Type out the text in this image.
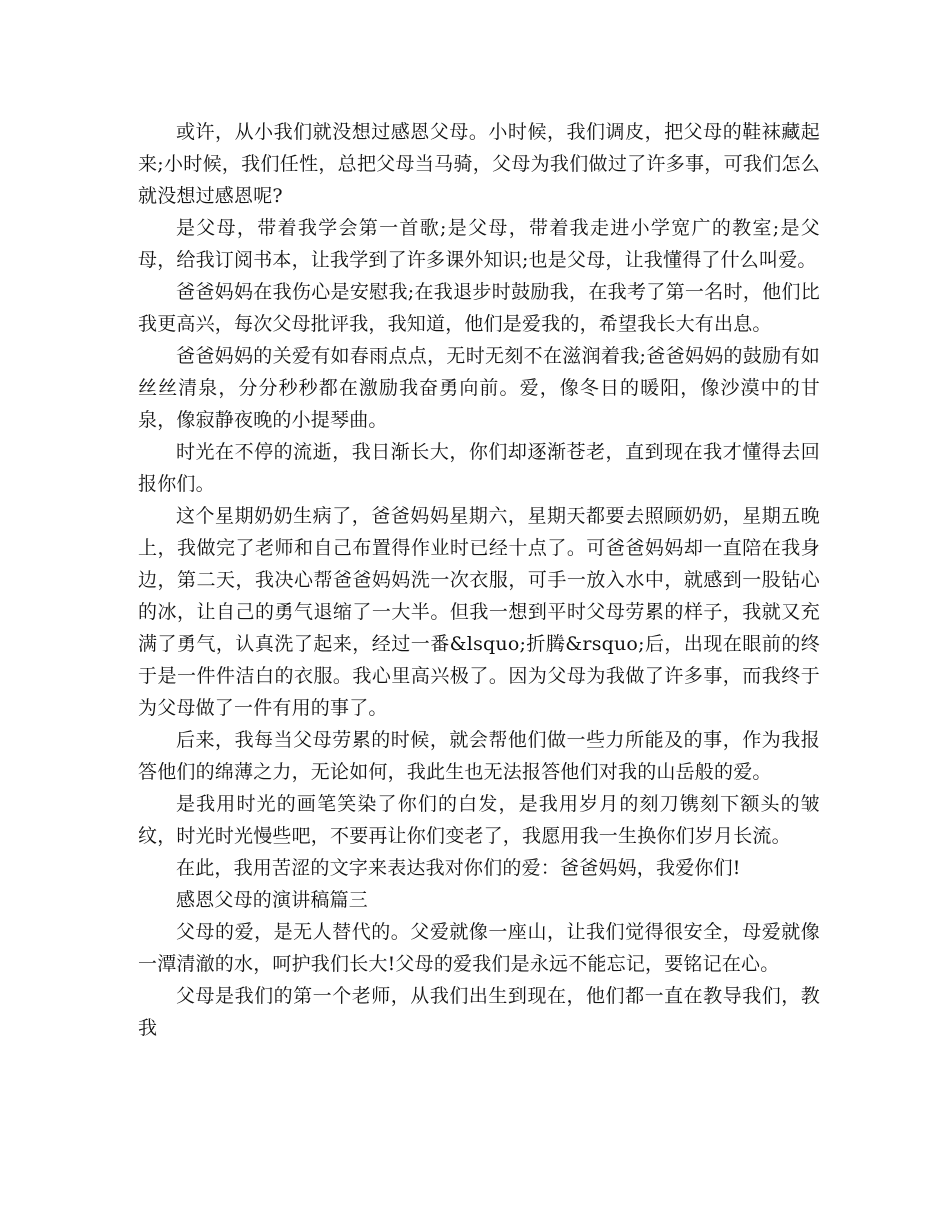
或许，从小我们就没想过感恩父母。小时候，我们调皮，把父母的鞋袜藏起来;小时候，我们任性，总把父母当马骑，父母为我们做过了许多事，可我们怎么就没想过感恩呢?

是父母，带着我学会第一首歌;是父母，带着我走进小学宽广的教室;是父母，给我订阅书本，让我学到了许多课外知识;也是父母，让我懂得了什么叫爱。

爸爸妈妈在我伤心是安慰我;在我退步时鼓励我，在我考了第一名时，他们比我更高兴，每次父母批评我，我知道，他们是爱我的，希望我长大有出息。

爸爸妈妈的关爱有如春雨点点，无时无刻不在滋润着我;爸爸妈妈的鼓励有如丝丝清泉，分分秒秒都在激励我奋勇向前。爱，像冬日的暖阳，像沙漠中的甘泉，像寂静夜晚的小提琴曲。

时光在不停的流逝，我日渐长大，你们却逐渐苍老，直到现在我才懂得去回报你们。

这个星期奶奶生病了，爸爸妈妈星期六，星期天都要去照顾奶奶，星期五晚上，我做完了老师和自己布置得作业时已经十点了。可爸爸妈妈却一直陪在我身边，第二天，我决心帮爸爸妈妈洗一次衣服，可手一放入水中，就感到一股钻心的冰，让自己的勇气退缩了一大半。但我一想到平时父母劳累的样子，我就又充满了勇气，认真洗了起来，经过一番&lsquo;折腾&rsquo;后，出现在眼前的终于是一件件洁白的衣服。我心里高兴极了。因为父母为我做了许多事，而我终于为父母做了一件有用的事了。

后来，我每当父母劳累的时候，就会帮他们做一些力所能及的事，作为我报答他们的绵薄之力，无论如何，我此生也无法报答他们对我的山岳般的爱。

是我用时光的画笔笑染了你们的白发，是我用岁月的刻刀镌刻下额头的皱纹，时光时光慢些吧，不要再让你们变老了，我愿用我一生换你们岁月长流。

在此，我用苦涩的文字来表达我对你们的爱：爸爸妈妈，我爱你们!

感恩父母的演讲稿篇三

父母的爱，是无人替代的。父爱就像一座山，让我们觉得很安全，母爱就像一潭清澈的水，呵护我们长大!父母的爱我们是永远不能忘记，要铭记在心。

父母是我们的第一个老师，从我们出生到现在，他们都一直在教导我们，教我
